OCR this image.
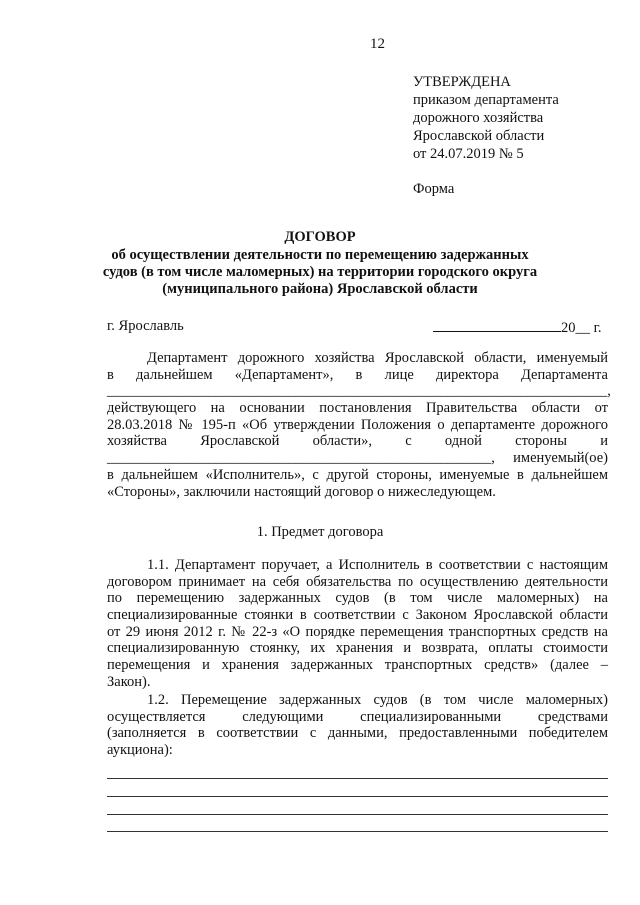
12
УТВЕРЖДЕНА
приказом департамента
дорожного хозяйства
Ярославской области
от 24.07.2019 № 5
Форма
ДОГОВОР
об осуществлении деятельности по перемещению задержанных
судов (в том числе маломерных) на территории городского округа
(муниципального района) Ярославской области
г. Ярославль	20__ г.
Департамент дорожного хозяйства Ярославской области, именуемый
в дальнейшем «Департамент», в лице директора Департамента
_____________________________________________________________________,
действующего на основании постановления Правительства области от
28.03.2018 № 195-п «Об утверждении Положения о департаменте дорожного
хозяйства Ярославской области», с одной стороны и
_____________________________________________________, именуемый(ое)
в дальнейшем «Исполнитель», с другой стороны, именуемые в дальнейшем
«Стороны», заключили настоящий договор о нижеследующем.
1. Предмет договора
1.1. Департамент поручает, а Исполнитель в соответствии с настоящим
договором принимает на себя обязательства по осуществлению деятельности
по перемещению задержанных судов (в том числе маломерных) на
специализированные стоянки в соответствии с Законом Ярославской области
от 29 июня 2012 г. № 22-з «О порядке перемещения транспортных средств на
специализированную стоянку, их хранения и возврата, оплаты стоимости
перемещения и хранения задержанных транспортных средств» (далее –
Закон).
1.2. Перемещение задержанных судов (в том числе маломерных)
осуществляется следующими специализированными средствами
(заполняется в соответствии с данными, предоставленными победителем
аукциона):
